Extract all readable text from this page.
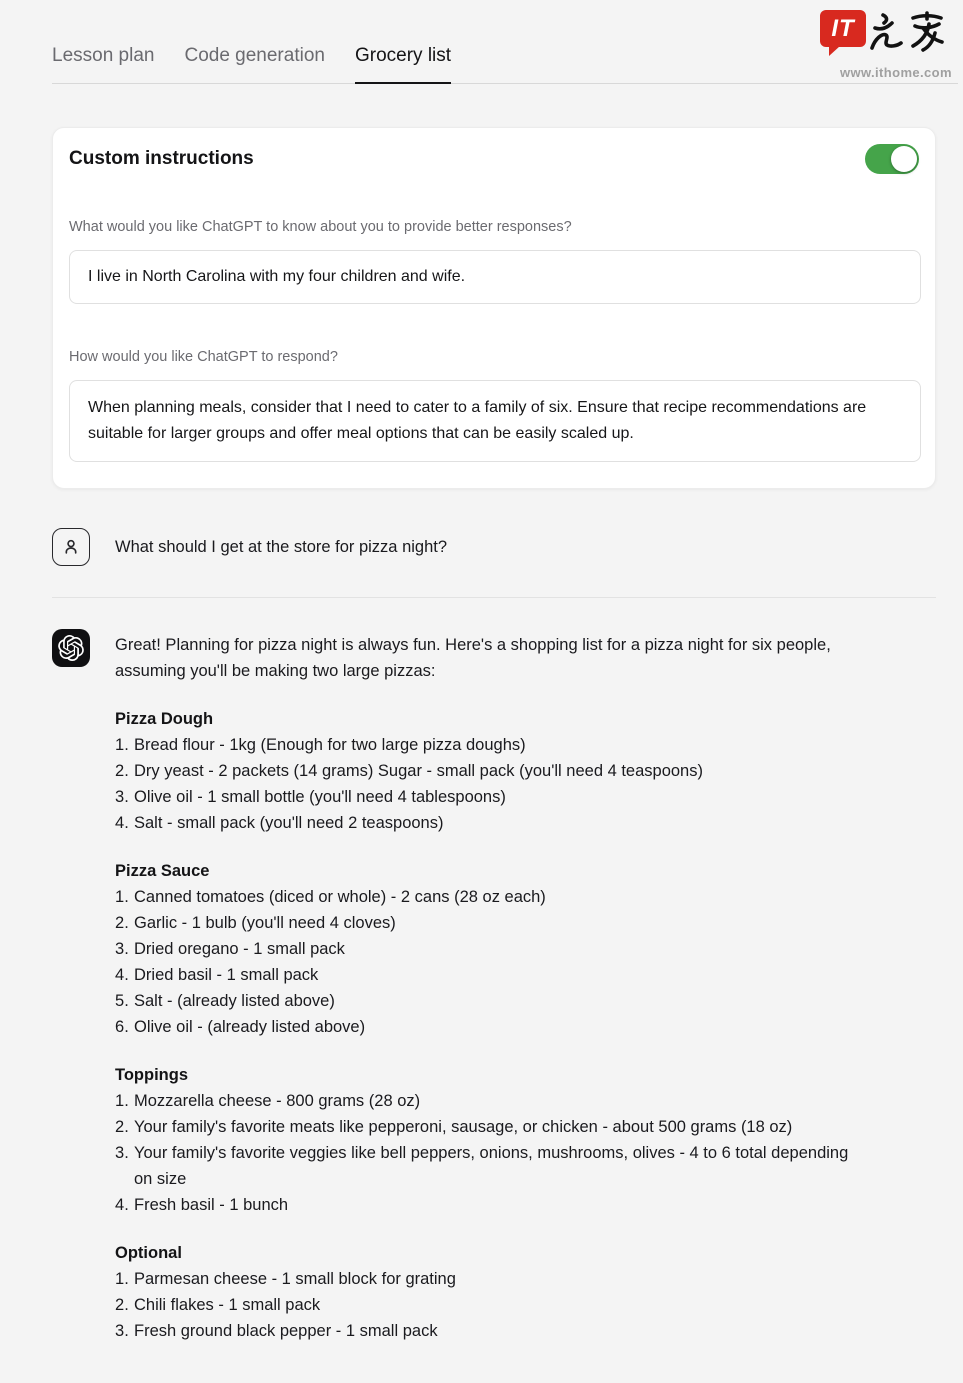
IT
www.ithome.com
Lesson plan Code generation Grocery list
Custom instructions
What would you like ChatGPT to know about you to provide better responses?
I live in North Carolina with my four children and wife.
How would you like ChatGPT to respond?
When planning meals, consider that I need to cater to a family of six. Ensure that recipe recommendations are suitable for larger groups and offer meal options that can be easily scaled up.
What should I get at the store for pizza night?

Great! Planning for pizza night is always fun. Here's a shopping list for a pizza night for six people, assuming you'll be making two large pizzas:

Pizza Dough
Bread flour - 1kg (Enough for two large pizza doughs)
Dry yeast - 2 packets (14 grams) Sugar - small pack (you'll need 4 teaspoons)
Olive oil - 1 small bottle (you'll need 4 tablespoons)
Salt - small pack (you'll need 2 teaspoons)
Pizza Sauce
Canned tomatoes (diced or whole) - 2 cans (28 oz each)
Garlic - 1 bulb (you'll need 4 cloves)
Dried oregano - 1 small pack
Dried basil - 1 small pack
Salt - (already listed above)
Olive oil - (already listed above)
Toppings
Mozzarella cheese - 800 grams (28 oz)
Your family's favorite meats like pepperoni, sausage, or chicken - about 500 grams (18 oz)
Your family's favorite veggies like bell peppers, onions, mushrooms, olives - 4 to 6 total depending on size
Fresh basil - 1 bunch
Optional
Parmesan cheese - 1 small block for grating
Chili flakes - 1 small pack
Fresh ground black pepper - 1 small pack
